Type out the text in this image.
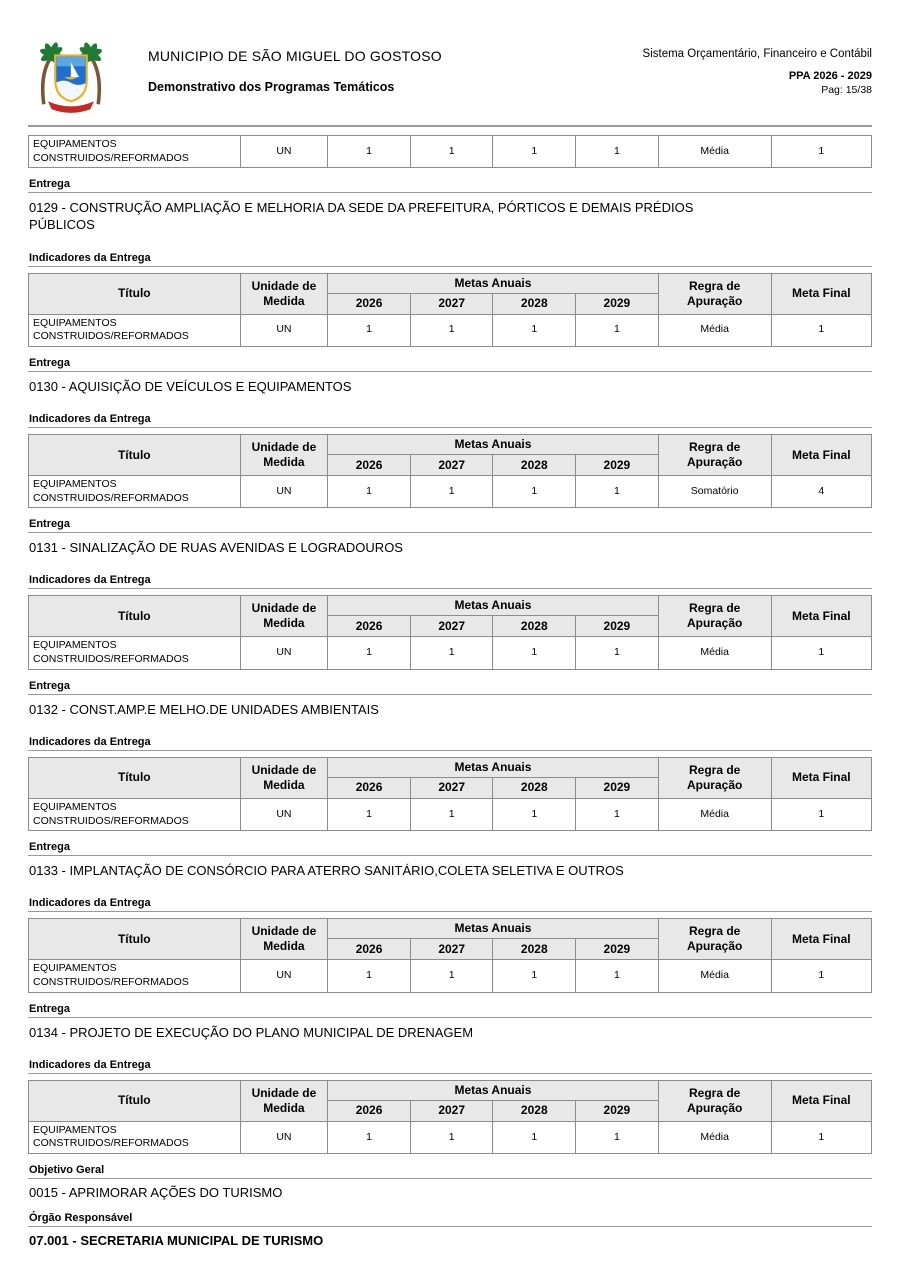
MUNICIPIO DE SÃO MIGUEL DO GOSTOSO
Demonstrativo dos Programas Temáticos
Sistema Orçamentário, Financeiro e Contábil
PPA 2026 - 2029
Pag: 15/38
EQUIPAMENTOS CONSTRUIDOS/REFORMADOS	UN	1	1	1	1	Média	1
Entrega
0129 - CONSTRUÇÃO AMPLIAÇÃO E MELHORIA DA SEDE DA PREFEITURA, PÓRTICOS E DEMAIS PRÉDIOS PÚBLICOS
Indicadores da Entrega
Título	Unidade de Medida	Metas Anuais				Regra de Apuração	Meta Final
		2026	2027	2028	2029		
EQUIPAMENTOS CONSTRUIDOS/REFORMADOS	UN	1	1	1	1	Média	1
Entrega
0130 - AQUISIÇÃO DE VEÍCULOS E EQUIPAMENTOS
Indicadores da Entrega
Título	Unidade de Medida	Metas Anuais				Regra de Apuração	Meta Final
		2026	2027	2028	2029		
EQUIPAMENTOS CONSTRUIDOS/REFORMADOS	UN	1	1	1	1	Somatório	4
Entrega
0131 - SINALIZAÇÃO DE RUAS AVENIDAS E LOGRADOUROS
Indicadores da Entrega
Título	Unidade de Medida	Metas Anuais				Regra de Apuração	Meta Final
		2026	2027	2028	2029		
EQUIPAMENTOS CONSTRUIDOS/REFORMADOS	UN	1	1	1	1	Média	1
Entrega
0132 - CONST.AMP.E MELHO.DE UNIDADES AMBIENTAIS
Indicadores da Entrega
Título	Unidade de Medida	Metas Anuais				Regra de Apuração	Meta Final
		2026	2027	2028	2029		
EQUIPAMENTOS CONSTRUIDOS/REFORMADOS	UN	1	1	1	1	Média	1
Entrega
0133 - IMPLANTAÇÃO DE CONSÓRCIO PARA ATERRO SANITÁRIO,COLETA SELETIVA E OUTROS
Indicadores da Entrega
Título	Unidade de Medida	Metas Anuais				Regra de Apuração	Meta Final
		2026	2027	2028	2029		
EQUIPAMENTOS CONSTRUIDOS/REFORMADOS	UN	1	1	1	1	Média	1
Entrega
0134 - PROJETO DE EXECUÇÃO DO PLANO MUNICIPAL DE DRENAGEM
Indicadores da Entrega
Título	Unidade de Medida	Metas Anuais				Regra de Apuração	Meta Final
		2026	2027	2028	2029		
EQUIPAMENTOS CONSTRUIDOS/REFORMADOS	UN	1	1	1	1	Média	1
Objetivo Geral
0015 - APRIMORAR AÇÕES DO TURISMO
Órgão Responsável
07.001 - SECRETARIA MUNICIPAL DE TURISMO
